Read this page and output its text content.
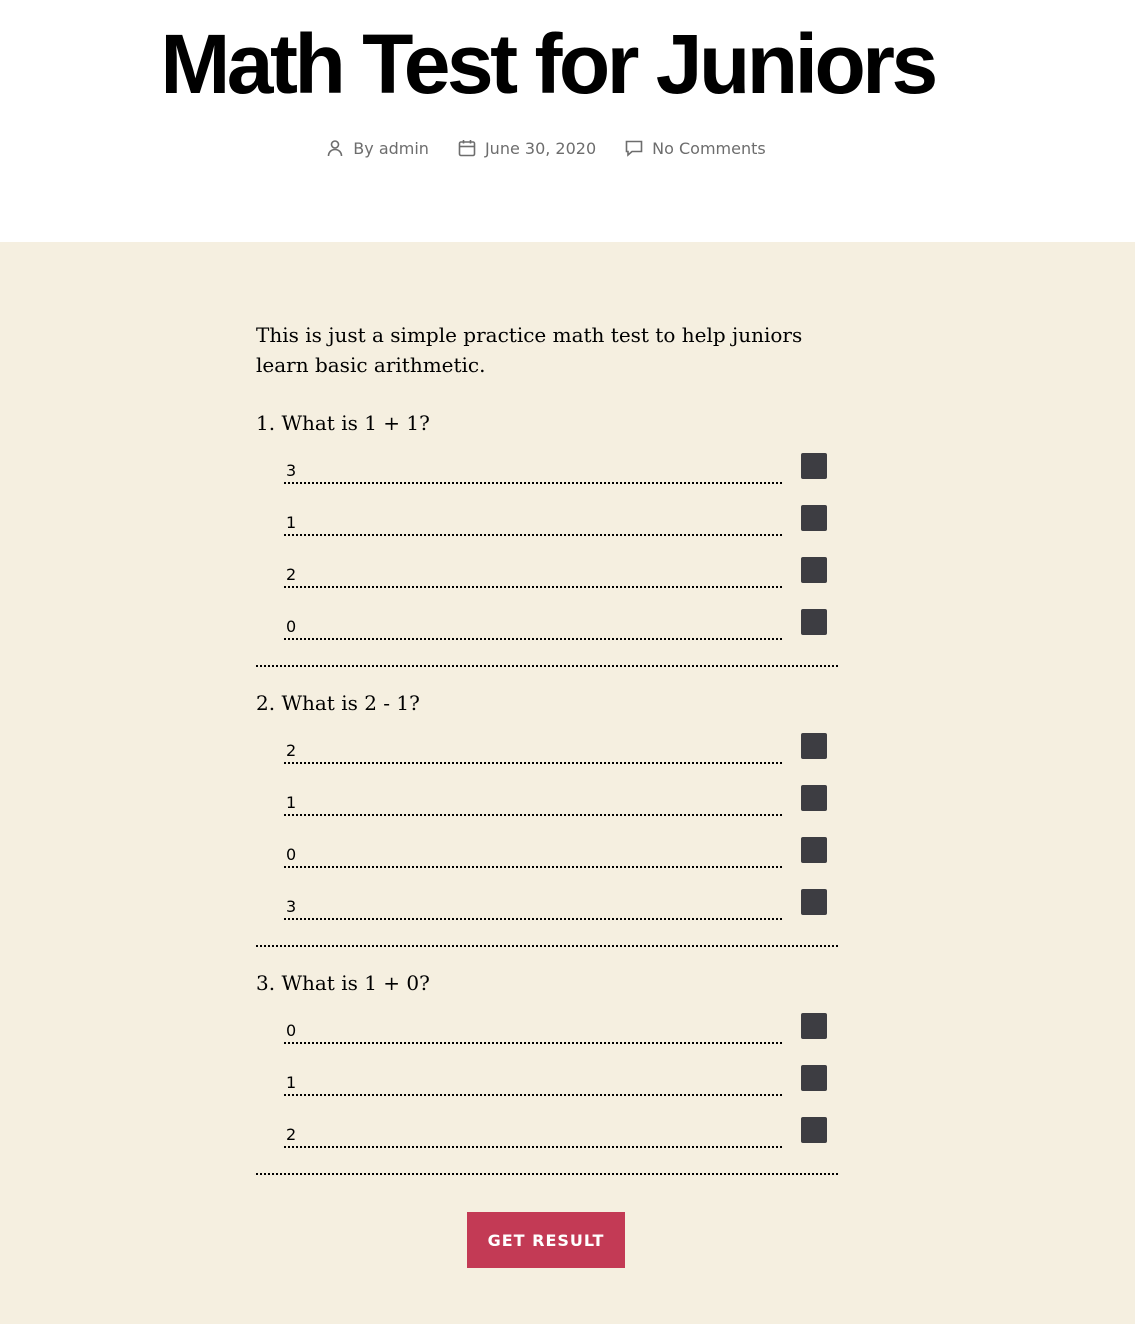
Math Test for Juniors
By
admin	June 30, 2020	No Comments

This is just a simple practice math test to help juniors learn basic arithmetic.

1. What is 1 + 1?

3
1
2
0

2. What is 2 - 1?

2
1
0
3

3. What is 1 + 0?

0
1
2
GET RESULT
